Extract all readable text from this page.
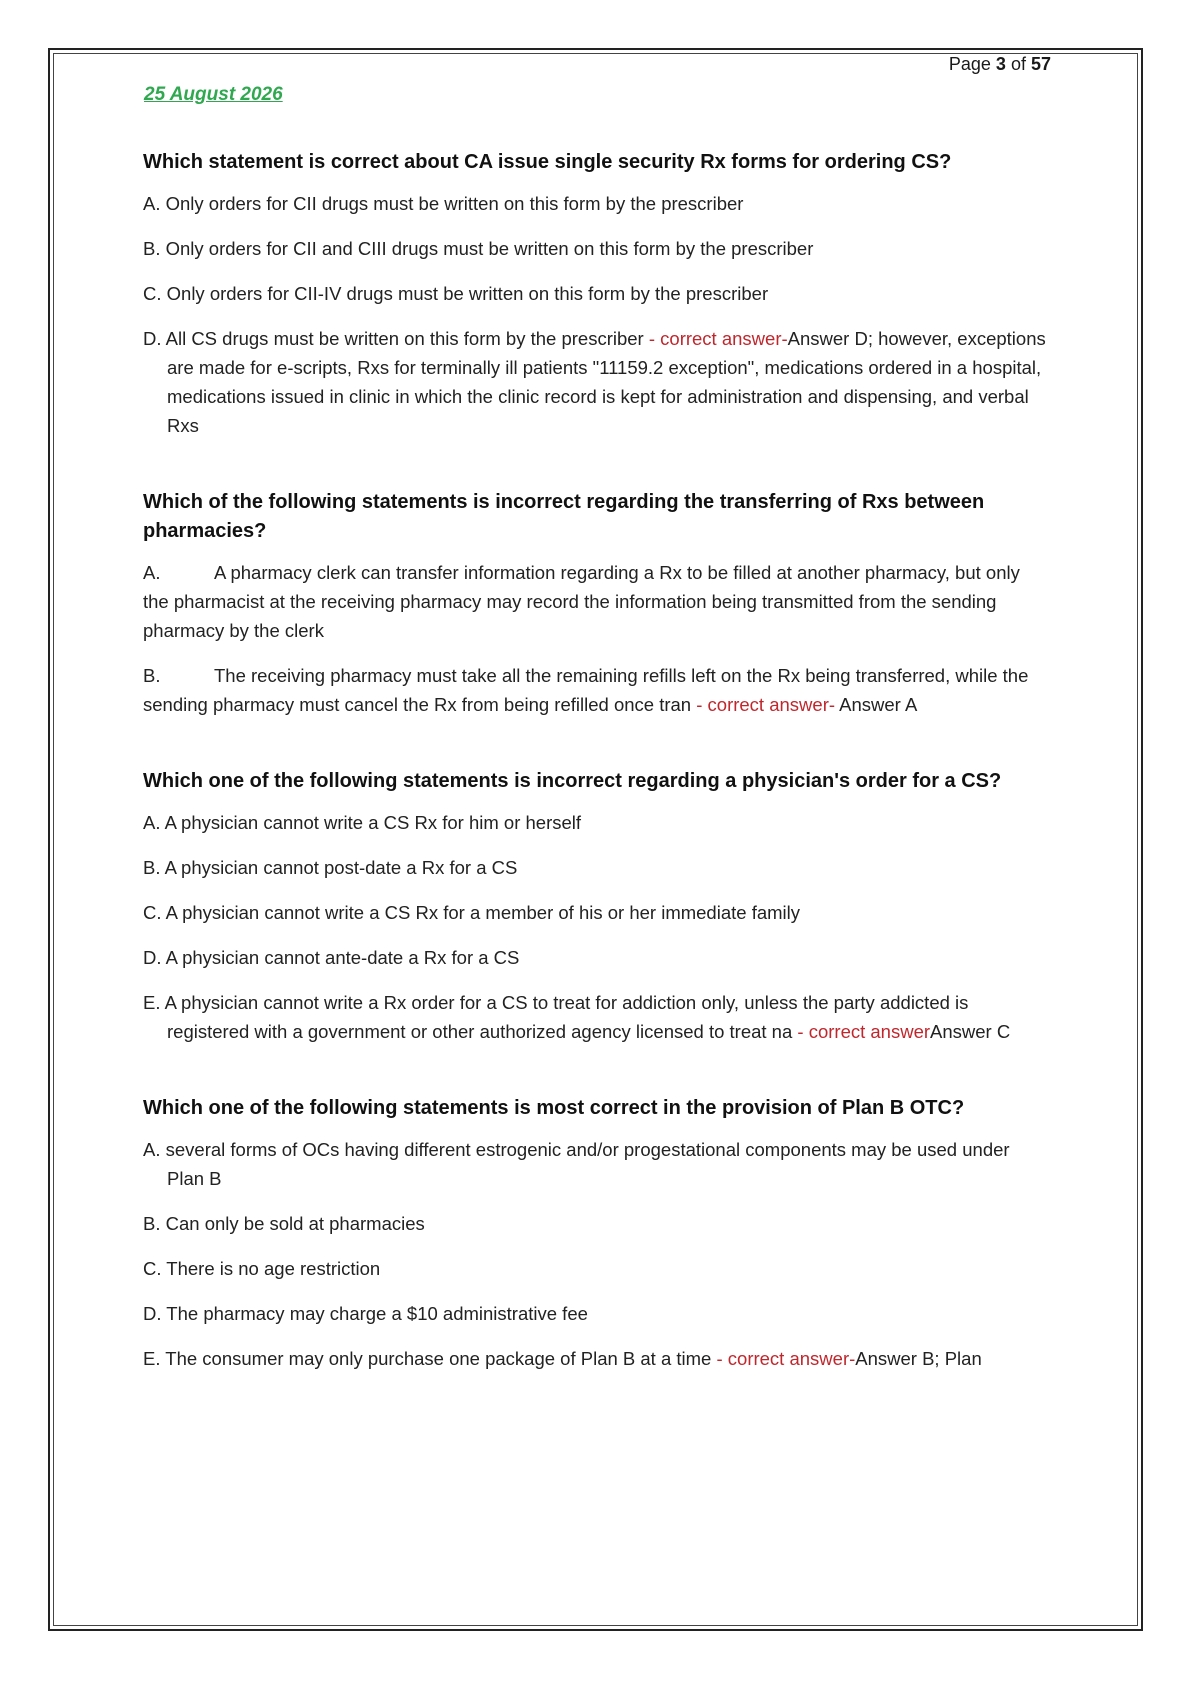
Page 3 of 57
25 August 2026

Which statement is correct about CA issue single security Rx forms for ordering CS?

A. Only orders for CII drugs must be written on this form by the prescriber

B. Only orders for CII and CIII drugs must be written on this form by the prescriber

C. Only orders for CII-IV drugs must be written on this form by the prescriber

D. All CS drugs must be written on this form by the prescriber - correct answer-Answer D; however, exceptions are made for e-scripts, Rxs for terminally ill patients "11159.2 exception", medications ordered in a hospital, medications issued in clinic in which the clinic record is kept for administration and dispensing, and verbal Rxs

Which of the following statements is incorrect regarding the transferring of Rxs between pharmacies?

A.	A pharmacy clerk can transfer information regarding a Rx to be filled at another pharmacy, but only the pharmacist at the receiving pharmacy may record the information being transmitted from the sending pharmacy by the clerk

B.	The receiving pharmacy must take all the remaining refills left on the Rx being transferred, while the sending pharmacy must cancel the Rx from being refilled once tran - correct answer- Answer A

Which one of the following statements is incorrect regarding a physician's order for a CS?

A. A physician cannot write a CS Rx for him or herself

B. A physician cannot post-date a Rx for a CS

C. A physician cannot write a CS Rx for a member of his or her immediate family

D. A physician cannot ante-date a Rx for a CS

E. A physician cannot write a Rx order for a CS to treat for addiction only, unless the party addicted is registered with a government or other authorized agency licensed to treat na - correct answerAnswer C

Which one of the following statements is most correct in the provision of Plan B OTC?

A. several forms of OCs having different estrogenic and/or progestational components may be used under Plan B

B. Can only be sold at pharmacies

C. There is no age restriction

D. The pharmacy may charge a $10 administrative fee

E. The consumer may only purchase one package of Plan B at a time - correct answer-Answer B; Plan
